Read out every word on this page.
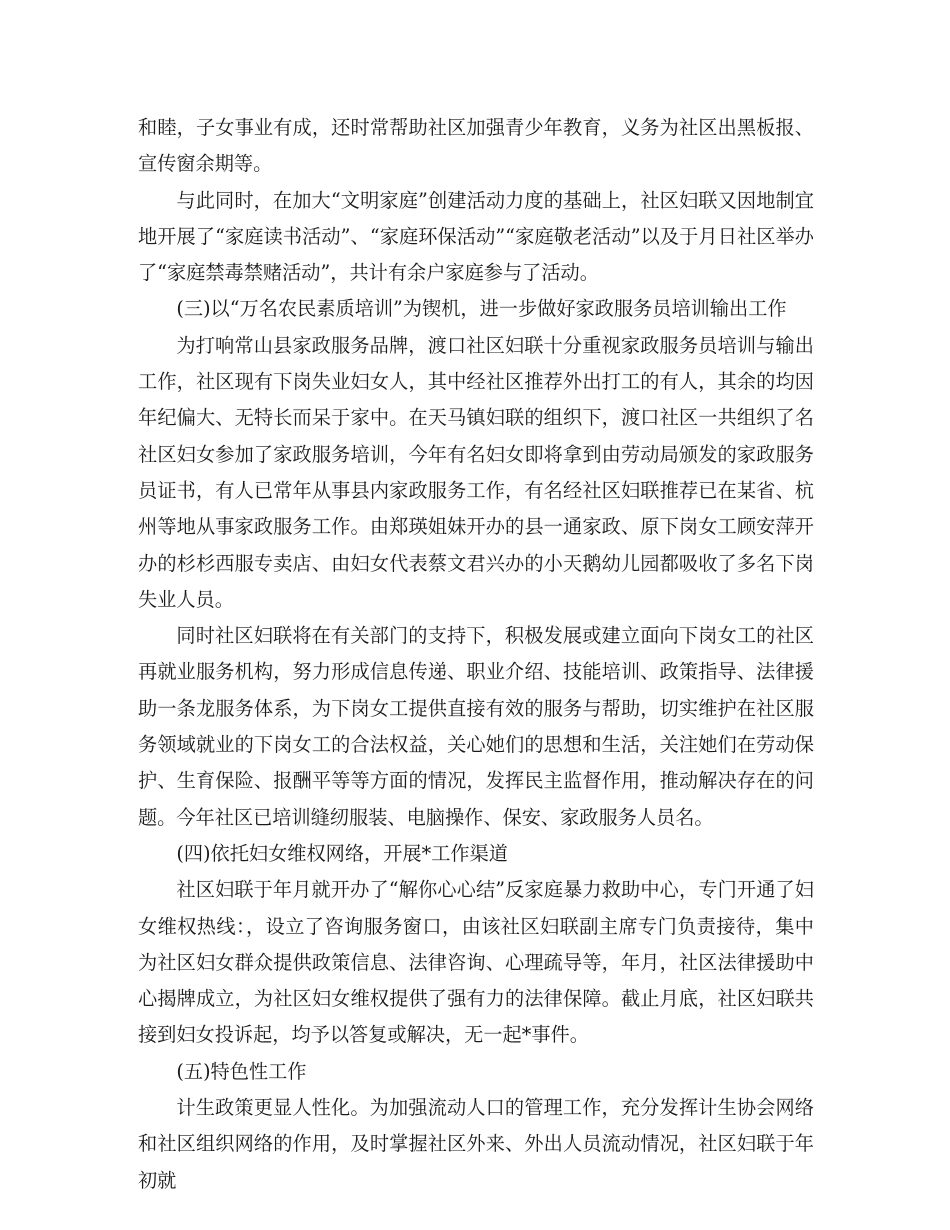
和睦，子女事业有成，还时常帮助社区加强青少年教育，义务为社区出黑板报、宣传窗余期等。

与此同时，在加大“文明家庭”创建活动力度的基础上，社区妇联又因地制宜地开展了“家庭读书活动”、“家庭环保活动”“家庭敬老活动”以及于月日社区举办了“家庭禁毒禁赌活动”，共计有余户家庭参与了活动。

(三)以“万名农民素质培训”为锲机，进一步做好家政服务员培训输出工作

为打响常山县家政服务品牌，渡口社区妇联十分重视家政服务员培训与输出工作，社区现有下岗失业妇女人，其中经社区推荐外出打工的有人，其余的均因年纪偏大、无特长而呆于家中。在天马镇妇联的组织下，渡口社区一共组织了名社区妇女参加了家政服务培训，今年有名妇女即将拿到由劳动局颁发的家政服务员证书，有人已常年从事县内家政服务工作，有名经社区妇联推荐已在某省、杭州等地从事家政服务工作。由郑瑛姐妹开办的县一通家政、原下岗女工顾安萍开办的杉杉西服专卖店、由妇女代表蔡文君兴办的小天鹅幼儿园都吸收了多名下岗失业人员。

同时社区妇联将在有关部门的支持下，积极发展或建立面向下岗女工的社区再就业服务机构，努力形成信息传递、职业介绍、技能培训、政策指导、法律援助一条龙服务体系，为下岗女工提供直接有效的服务与帮助，切实维护在社区服务领域就业的下岗女工的合法权益，关心她们的思想和生活，关注她们在劳动保护、生育保险、报酬平等等方面的情况，发挥民主监督作用，推动解决存在的问题。今年社区已培训缝纫服装、电脑操作、保安、家政服务人员名。

(四)依托妇女维权网络，开展*工作渠道

社区妇联于年月就开办了“解你心心结”反家庭暴力救助中心，专门开通了妇女维权热线：，设立了咨询服务窗口，由该社区妇联副主席专门负责接待，集中为社区妇女群众提供政策信息、法律咨询、心理疏导等，年月，社区法律援助中心揭牌成立，为社区妇女维权提供了强有力的法律保障。截止月底，社区妇联共接到妇女投诉起，均予以答复或解决，无一起*事件。

(五)特色性工作

计生政策更显人性化。为加强流动人口的管理工作，充分发挥计生协会网络和社区组织网络的作用，及时掌握社区外来、外出人员流动情况，社区妇联于年初就
